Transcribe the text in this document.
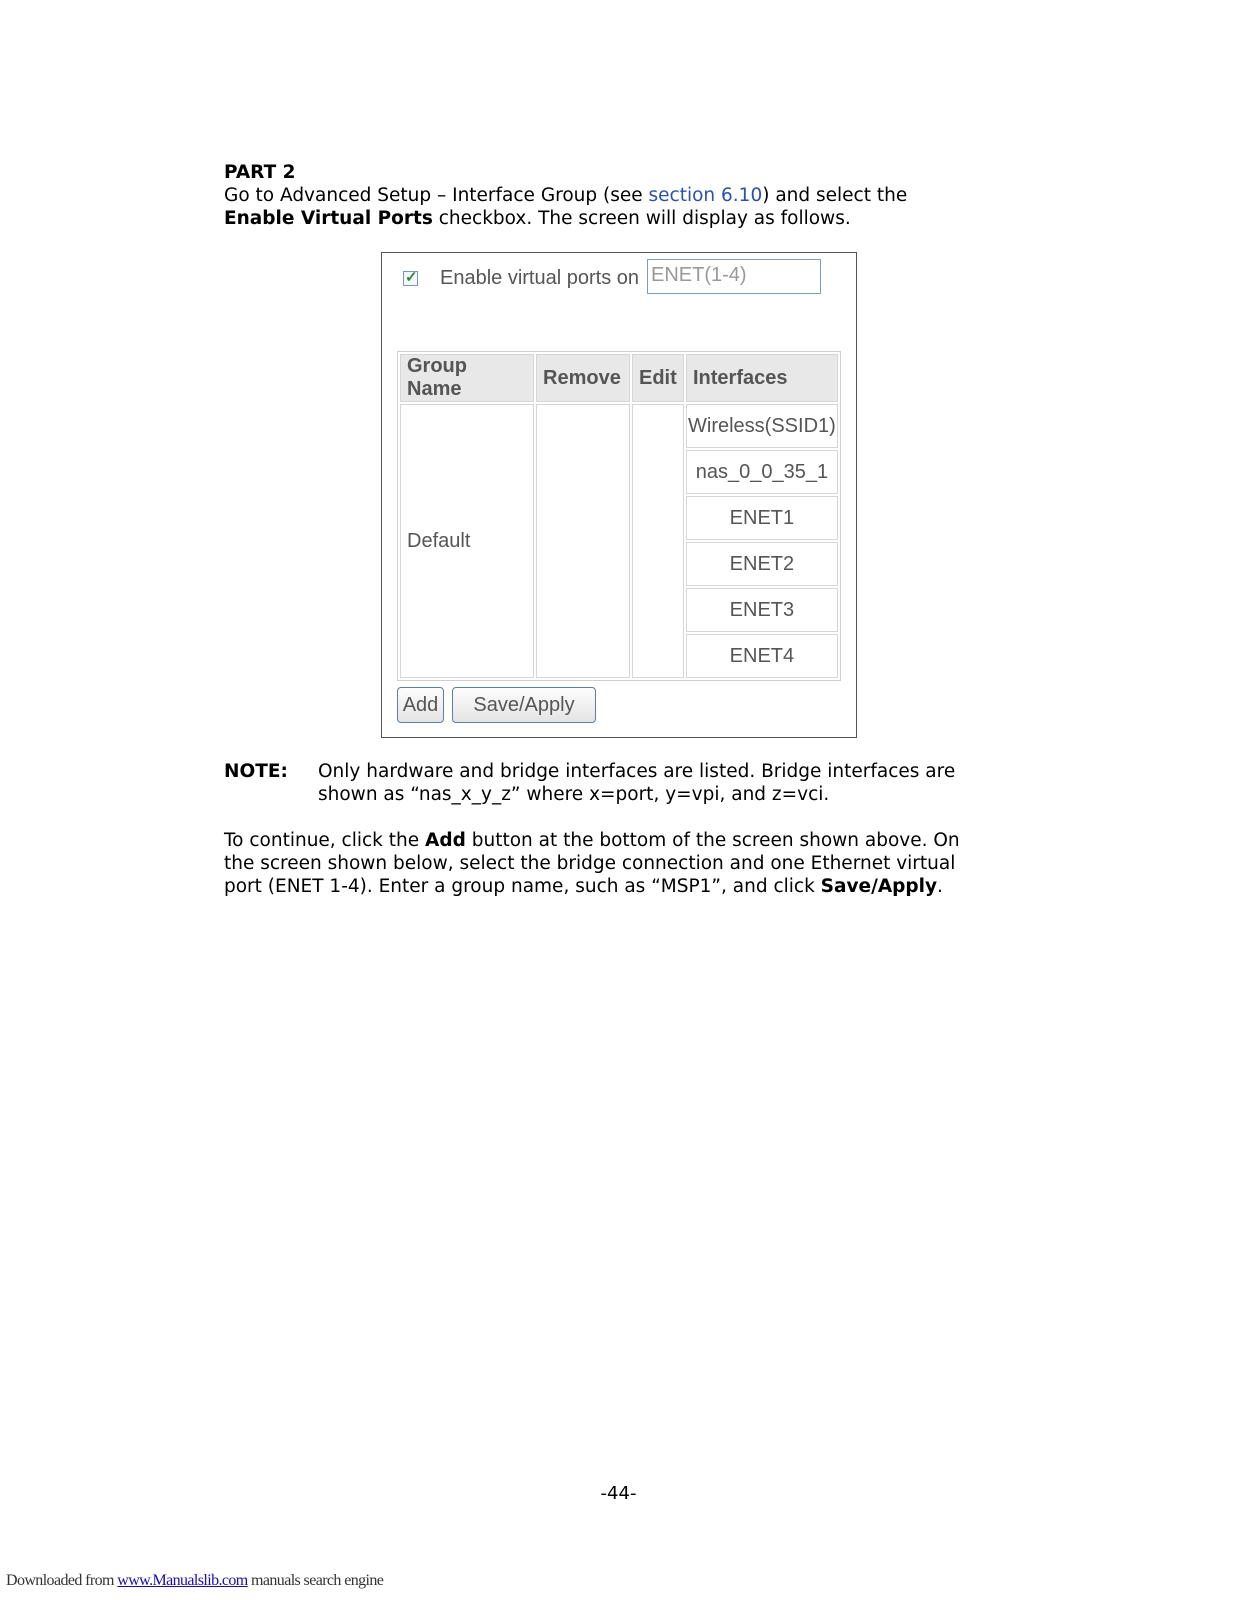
PART 2
Go to Advanced Setup – Interface Group (see section 6.10) and select the
Enable Virtual Ports checkbox. The screen will display as follows.
✓ Enable virtual ports on ENET(1-4)
Group Name	Remove	Edit	Interfaces
Default			Wireless(SSID1)
			nas_0_0_35_1
			ENET1
			ENET2
			ENET3
			ENET4
Add	Save/Apply
NOTE: Only hardware and bridge interfaces are listed. Bridge interfaces are
shown as “nas_x_y_z” where x=port, y=vpi, and z=vci.
To continue, click the Add button at the bottom of the screen shown above. On
the screen shown below, select the bridge connection and one Ethernet virtual
port (ENET 1-4). Enter a group name, such as “MSP1”, and click Save/Apply.
-44-
Downloaded from www.Manualslib.com manuals search engine
